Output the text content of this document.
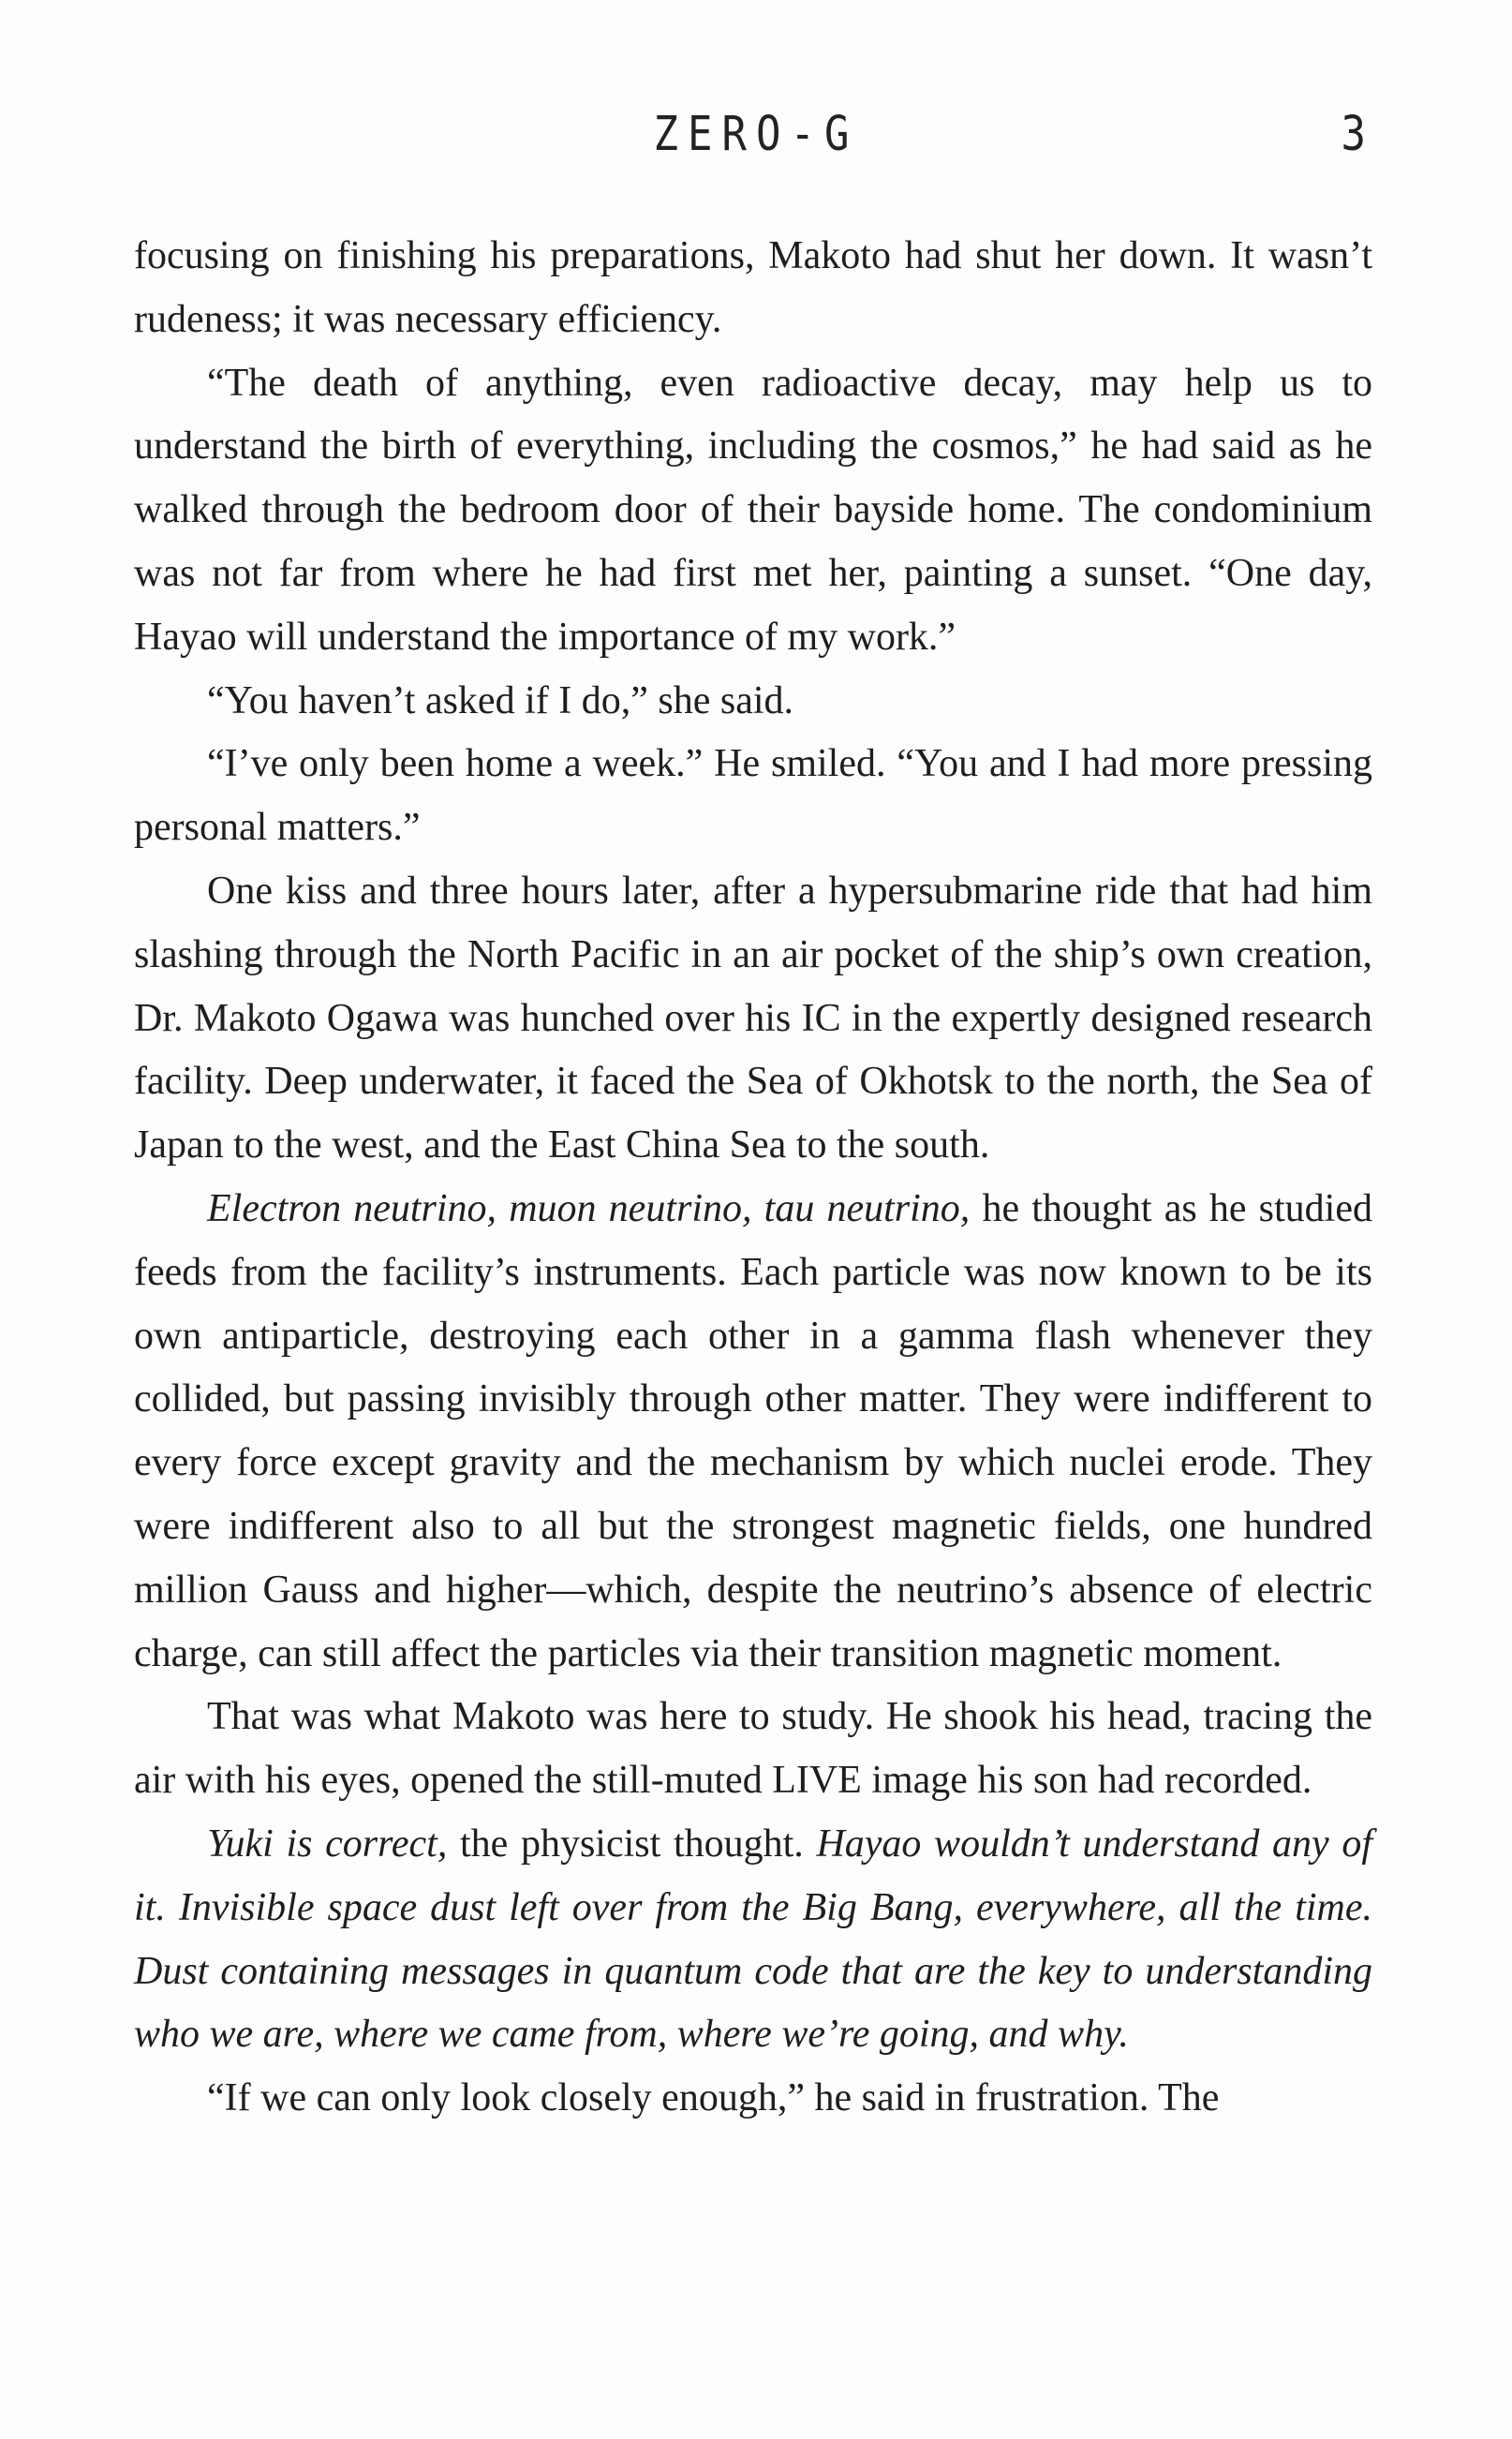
ZERO-G	3

focusing on finishing his preparations, Makoto had shut her down. It wasn’t rudeness; it was necessary efficiency.

“The death of anything, even radioactive decay, may help us to understand the birth of everything, including the cosmos,” he had said as he walked through the bedroom door of their bayside home. The condominium was not far from where he had first met her, painting a sunset. “One day, Hayao will understand the importance of my work.”

“You haven’t asked if I do,” she said.

“I’ve only been home a week.” He smiled. “You and I had more pressing personal matters.”

One kiss and three hours later, after a hypersubmarine ride that had him slashing through the North Pacific in an air pocket of the ship’s own creation, Dr. Makoto Ogawa was hunched over his IC in the expertly designed research facility. Deep underwater, it faced the Sea of Okhotsk to the north, the Sea of Japan to the west, and the East China Sea to the south.

Electron neutrino, muon neutrino, tau neutrino, he thought as he studied feeds from the facility’s instruments. Each particle was now known to be its own antiparticle, destroying each other in a gamma flash whenever they collided, but passing invisibly through other matter. They were indifferent to every force except gravity and the mechanism by which nuclei erode. They were indifferent also to all but the strongest magnetic fields, one hundred million Gauss and higher—which, despite the neutrino’s absence of electric charge, can still affect the particles via their transition magnetic moment.

That was what Makoto was here to study. He shook his head, tracing the air with his eyes, opened the still-muted LIVE image his son had recorded.

Yuki is correct, the physicist thought. Hayao wouldn’t understand any of it. Invisible space dust left over from the Big Bang, everywhere, all the time. Dust containing messages in quantum code that are the key to understanding who we are, where we came from, where we’re going, and why.

“If we can only look closely enough,” he said in frustration. The
